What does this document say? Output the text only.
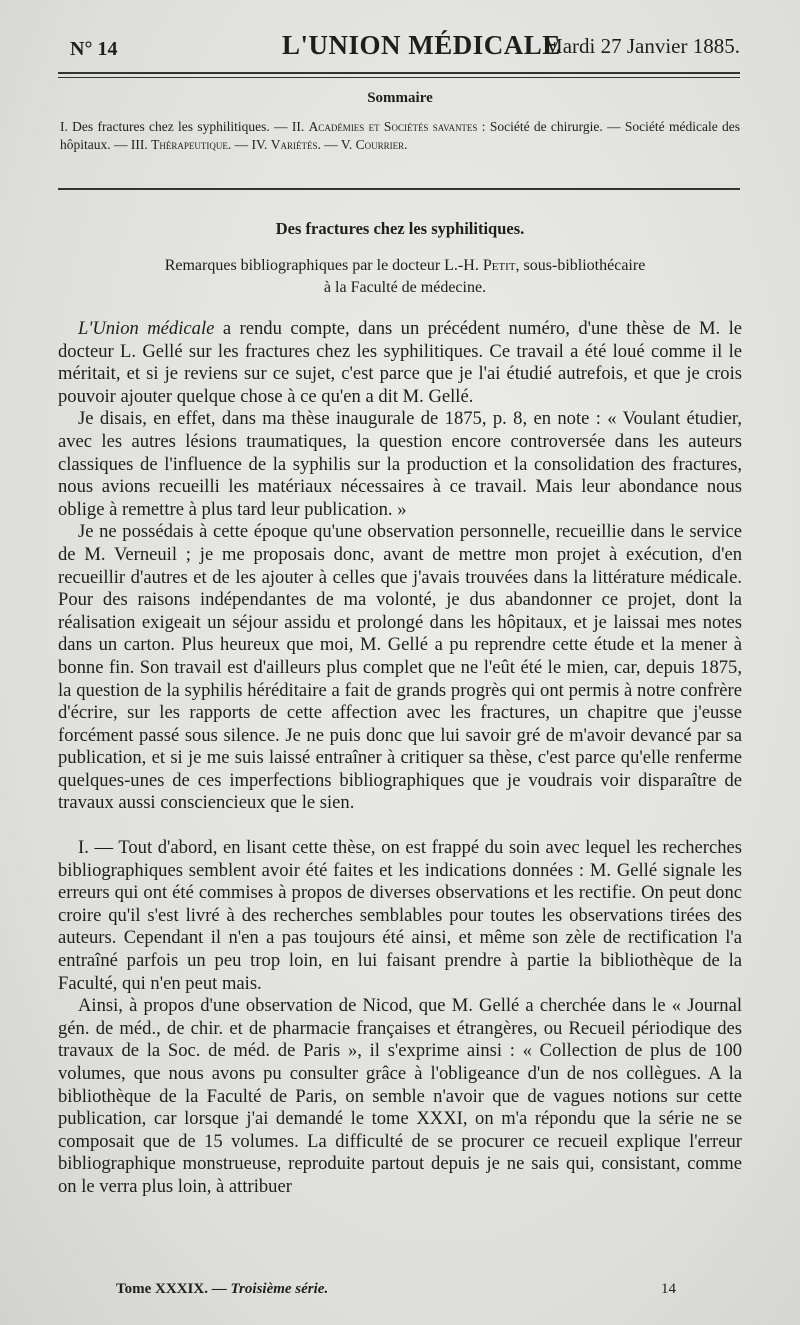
N° 14	L'UNION MÉDICALE
Mardi 27 Janvier 1885.
Sommaire
I. Des fractures chez les syphilitiques. — II. Académies et Sociétés savantes : Société de chirurgie. — Société médicale des hôpitaux. — III. Thérapeutique. — IV. Variétés. — V. Courrier.
Des fractures chez les syphilitiques.
Remarques bibliographiques par le docteur L.-H. Petit, sous-bibliothécaire
à la Faculté de médecine.

L'Union médicale a rendu compte, dans un précédent numéro, d'une thèse de M. le docteur L. Gellé sur les fractures chez les syphilitiques. Ce travail a été loué comme il le méritait, et si je reviens sur ce sujet, c'est parce que je l'ai étudié autrefois, et que je crois pouvoir ajouter quelque chose à ce qu'en a dit M. Gellé.

Je disais, en effet, dans ma thèse inaugurale de 1875, p. 8, en note : « Voulant étudier, avec les autres lésions traumatiques, la question encore controversée dans les auteurs classiques de l'influence de la syphilis sur la production et la consolidation des fractures, nous avions recueilli les matériaux nécessaires à ce travail. Mais leur abondance nous oblige à remettre à plus tard leur publication. »

Je ne possédais à cette époque qu'une observation personnelle, recueillie dans le service de M. Verneuil ; je me proposais donc, avant de mettre mon projet à exécution, d'en recueillir d'autres et de les ajouter à celles que j'avais trouvées dans la littérature médicale. Pour des raisons indépendantes de ma volonté, je dus abandonner ce projet, dont la réalisation exigeait un séjour assidu et prolongé dans les hôpitaux, et je laissai mes notes dans un carton. Plus heureux que moi, M. Gellé a pu reprendre cette étude et la mener à bonne fin. Son travail est d'ailleurs plus complet que ne l'eût été le mien, car, depuis 1875, la question de la syphilis héréditaire a fait de grands progrès qui ont permis à notre confrère d'écrire, sur les rapports de cette affection avec les fractures, un chapitre que j'eusse forcément passé sous silence. Je ne puis donc que lui savoir gré de m'avoir devancé par sa publication, et si je me suis laissé entraîner à critiquer sa thèse, c'est parce qu'elle renferme quelques-unes de ces imperfections bibliographiques que je voudrais voir disparaître de travaux aussi consciencieux que le sien.

I. — Tout d'abord, en lisant cette thèse, on est frappé du soin avec lequel les recherches bibliographiques semblent avoir été faites et les indications données : M. Gellé signale les erreurs qui ont été commises à propos de diverses observations et les rectifie. On peut donc croire qu'il s'est livré à des recherches semblables pour toutes les observations tirées des auteurs. Cependant il n'en a pas toujours été ainsi, et même son zèle de rectification l'a entraîné parfois un peu trop loin, en lui faisant prendre à partie la bibliothèque de la Faculté, qui n'en peut mais.

Ainsi, à propos d'une observation de Nicod, que M. Gellé a cherchée dans le « Journal gén. de méd., de chir. et de pharmacie françaises et étrangères, ou Recueil périodique des travaux de la Soc. de méd. de Paris », il s'exprime ainsi : « Collection de plus de 100 volumes, que nous avons pu consulter grâce à l'obligeance d'un de nos collègues. A la bibliothèque de la Faculté de Paris, on semble n'avoir que de vagues notions sur cette publication, car lorsque j'ai demandé le tome XXXI, on m'a répondu que la série ne se composait que de 15 volumes. La difficulté de se procurer ce recueil explique l'erreur bibliographique monstrueuse, reproduite partout depuis je ne sais qui, consistant, comme on le verra plus loin, à attribuer

Tome XXXIX. — Troisième série.	14
